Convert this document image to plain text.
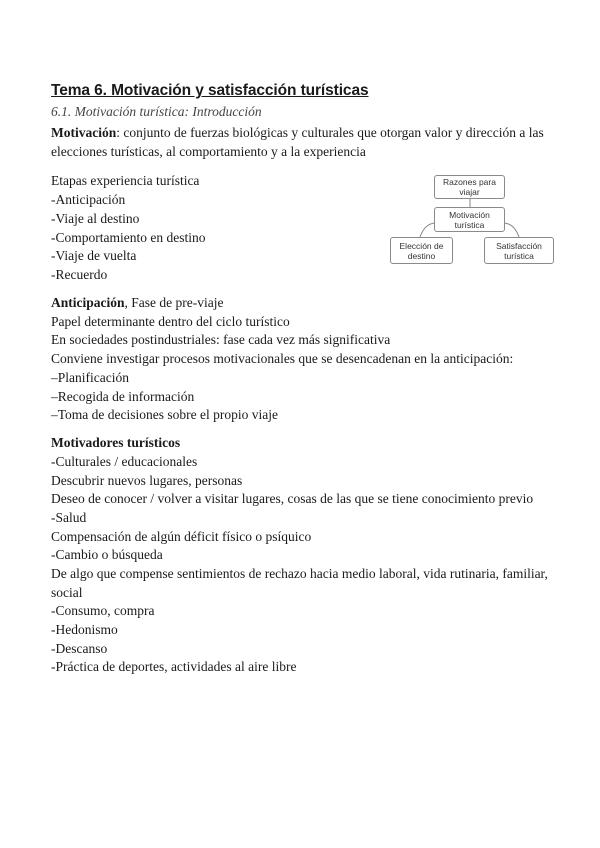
Tema 6. Motivación y satisfacción turísticas
6.1. Motivación turística: Introducción
Motivación: conjunto de fuerzas biológicas y culturales que otorgan valor y dirección a las elecciones turísticas, al comportamiento y a la experiencia
Etapas experiencia turística
-Anticipación
-Viaje al destino
-Comportamiento en destino
-Viaje de vuelta
-Recuerdo
Razones para viajar
Motivación turística
Elección de destino
Satisfacción turística
Anticipación, Fase de pre-viaje
Papel determinante dentro del ciclo turístico
En sociedades postindustriales: fase cada vez más significativa
Conviene investigar procesos motivacionales que se desencadenan en la anticipación:
–Planificación
–Recogida de información
–Toma de decisiones sobre el propio viaje
Motivadores turísticos
-Culturales / educacionales
Descubrir nuevos lugares, personas
Deseo de conocer / volver a visitar lugares, cosas de las que se tiene conocimiento previo
-Salud
Compensación de algún déficit físico o psíquico
-Cambio o búsqueda
De algo que compense sentimientos de rechazo hacia medio laboral, vida rutinaria, familiar, social
-Consumo, compra
-Hedonismo
-Descanso
-Práctica de deportes, actividades al aire libre
